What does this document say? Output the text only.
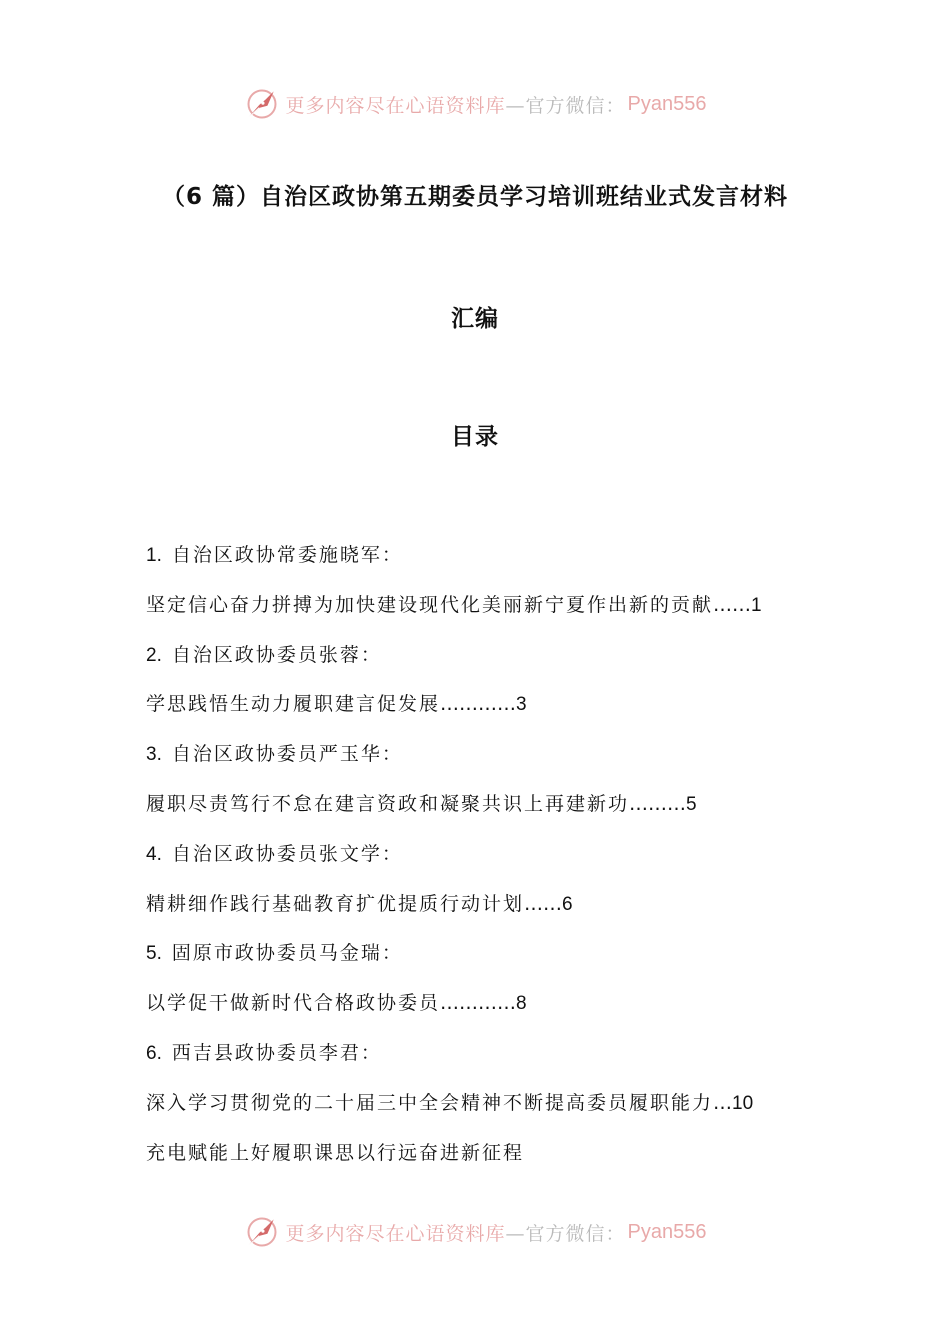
更多内容尽在心语资料库 —官方微信： Pyan556
（6 篇）自治区政协第五期委员学习培训班结业式发言材料
汇编
目录
1. 自治区政协常委施晓军：
坚定信心奋力拼搏为加快建设现代化美丽新宁夏作出新的贡献……1
2. 自治区政协委员张蓉：
学思践悟生动力履职建言促发展…………3
3. 自治区政协委员严玉华：
履职尽责笃行不怠在建言资政和凝聚共识上再建新功………5
4. 自治区政协委员张文学：
精耕细作践行基础教育扩优提质行动计划……6
5. 固原市政协委员马金瑞：
以学促干做新时代合格政协委员…………8
6. 西吉县政协委员李君：
深入学习贯彻党的二十届三中全会精神不断提高委员履职能力…10
充电赋能上好履职课思以行远奋进新征程
更多内容尽在心语资料库 —官方微信： Pyan556
